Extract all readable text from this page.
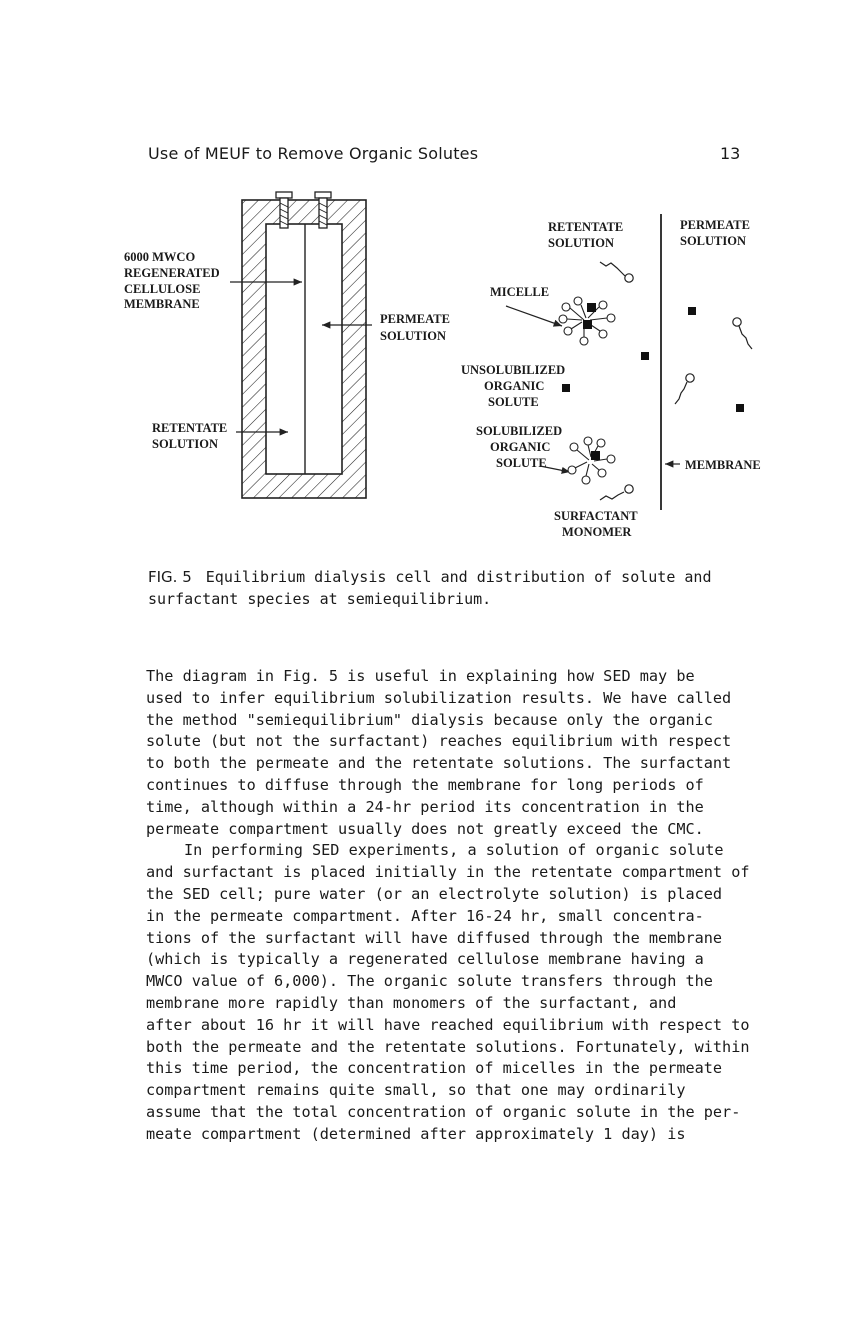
Use of MEUF to Remove Organic Solutes	13
6000 MWCO
REGENERATED
CELLULOSE
MEMBRANE
PERMEATE
SOLUTION
RETENTATE
SOLUTION
RETENTATE
SOLUTION
PERMEATE
SOLUTION
MICELLE
UNSOLUBILIZED
ORGANIC
SOLUTE
SOLUBILIZED
ORGANIC
SOLUTE
SURFACTANT
MONOMER
MEMBRANE
FIG. 5 Equilibrium dialysis cell and distribution of solute and surfactant species at semiequilibrium.

The diagram in Fig. 5 is useful in explaining how SED may be
used to infer equilibrium solubilization results. We have called
the method "semiequilibrium" dialysis because only the organic
solute (but not the surfactant) reaches equilibrium with respect
to both the permeate and the retentate solutions. The surfactant
continues to diffuse through the membrane for long periods of
time, although within a 24-hr period its concentration in the
permeate compartment usually does not greatly exceed the CMC.

In performing SED experiments, a solution of organic solute
and surfactant is placed initially in the retentate compartment of
the SED cell; pure water (or an electrolyte solution) is placed
in the permeate compartment. After 16-24 hr, small concentra-
tions of the surfactant will have diffused through the membrane
(which is typically a regenerated cellulose membrane having a
MWCO value of 6,000). The organic solute transfers through the
membrane more rapidly than monomers of the surfactant, and
after about 16 hr it will have reached equilibrium with respect to
both the permeate and the retentate solutions. Fortunately, within
this time period, the concentration of micelles in the permeate
compartment remains quite small, so that one may ordinarily
assume that the total concentration of organic solute in the per-
meate compartment (determined after approximately 1 day) is
